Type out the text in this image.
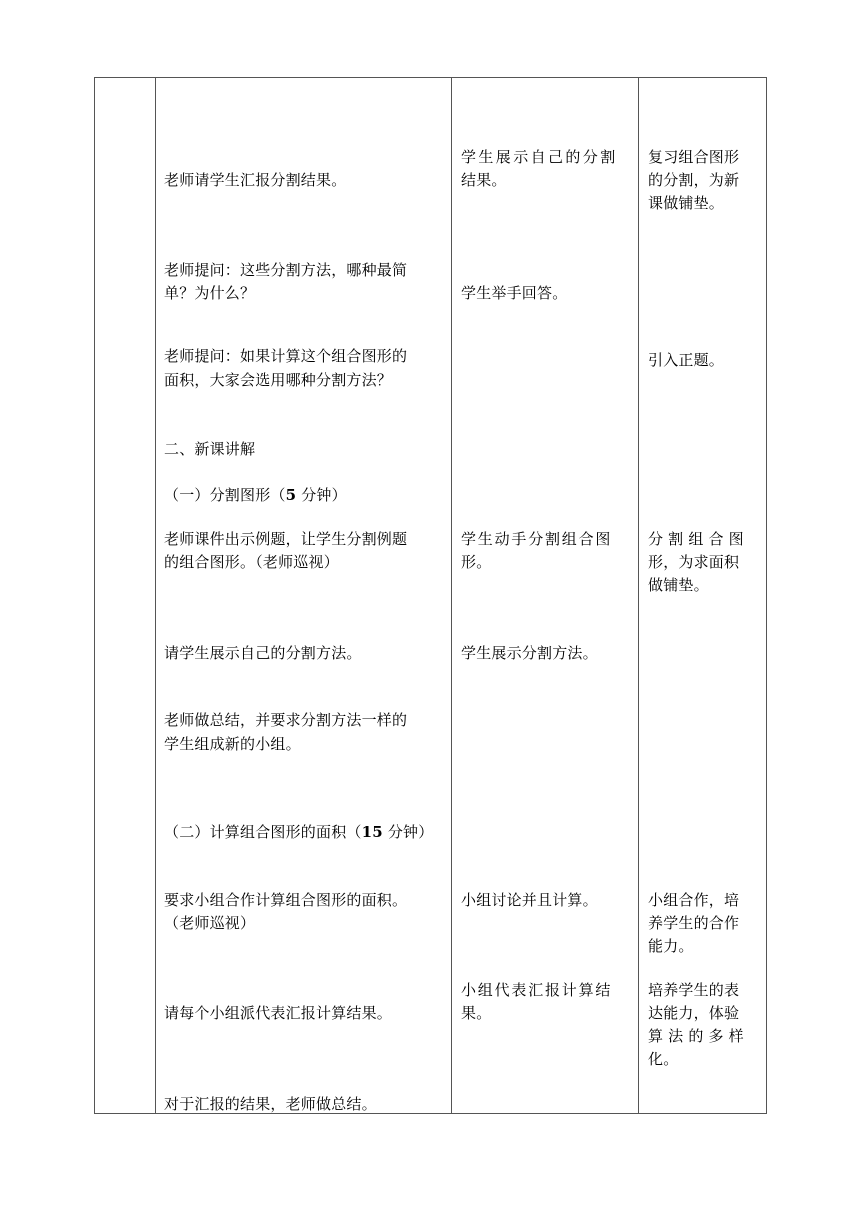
老师请学生汇报分割结果。
老师提问：这些分割方法，哪种最简
单？为什么？
老师提问：如果计算这个组合图形的
面积，大家会选用哪种分割方法？
二、新课讲解
（一）分割图形（5 分钟）
老师课件出示例题，让学生分割例题
的组合图形。（老师巡视）
请学生展示自己的分割方法。
老师做总结，并要求分割方法一样的
学生组成新的小组。
（二）计算组合图形的面积（15 分钟）
要求小组合作计算组合图形的面积。
（老师巡视）
请每个小组派代表汇报计算结果。
对于汇报的结果，老师做总结。
学生展示自己的分割
结果。
学生举手回答。
学生动手分割组合图
形。
学生展示分割方法。
小组讨论并且计算。
小组代表汇报计算结
果。
复习组合图形
的分割，为新
课做铺垫。
引入正题。
分 割 组 合 图
形，为求面积
做铺垫。
小组合作，培
养学生的合作
能力。
培养学生的表
达能力，体验
算 法 的 多 样
化。
